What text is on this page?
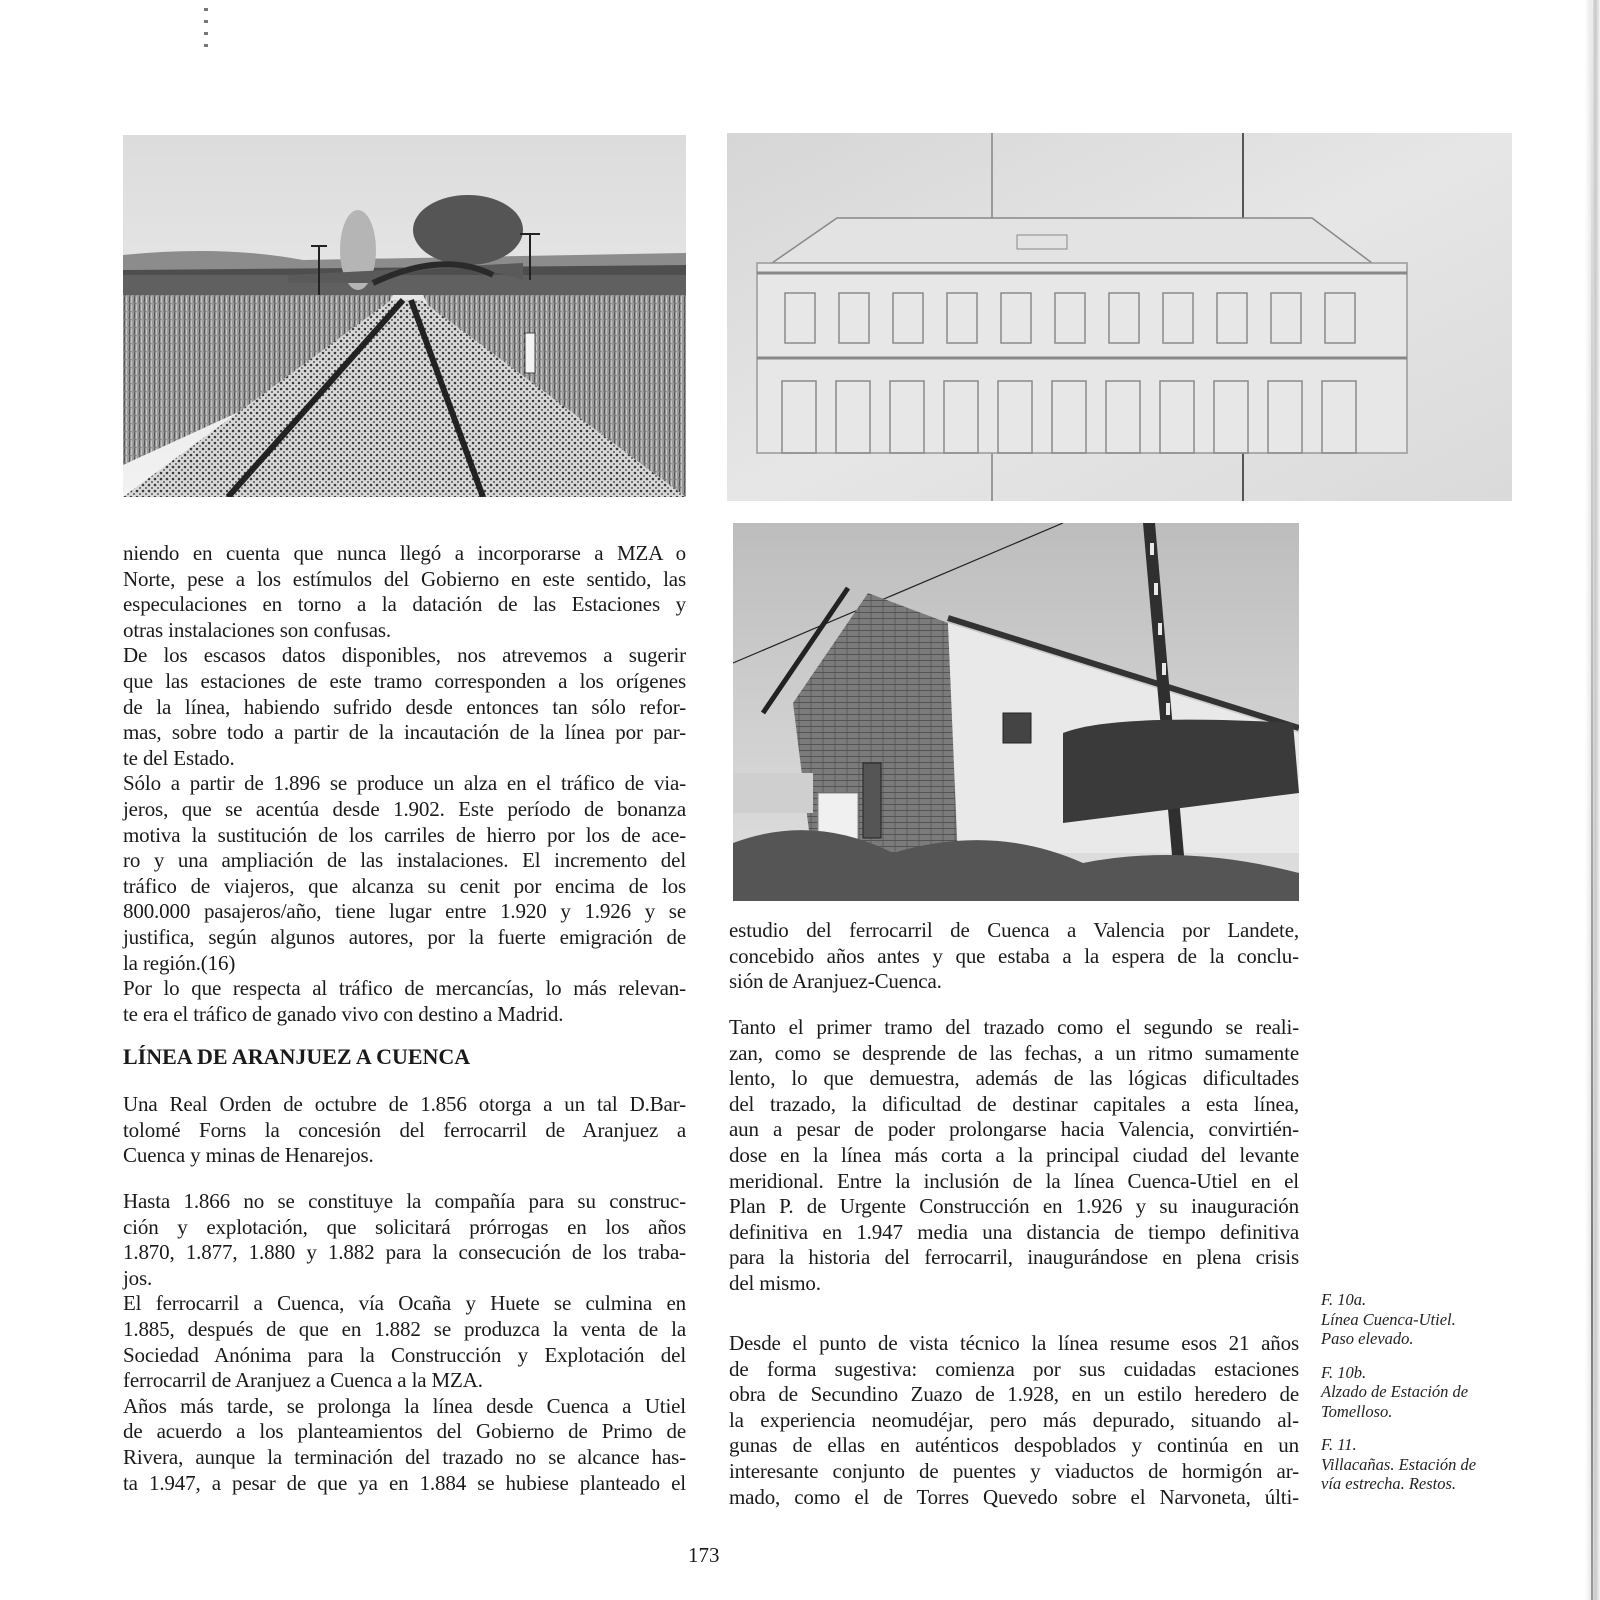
niendo en cuenta que nunca llegó a incorporarse a MZA o
Norte, pese a los estímulos del Gobierno en este sentido, las
especulaciones en torno a la datación de las Estaciones y
otras instalaciones son confusas.

De los escasos datos disponibles, nos atrevemos a sugerir
que las estaciones de este tramo corresponden a los orígenes
de la línea, habiendo sufrido desde entonces tan sólo refor-
mas, sobre todo a partir de la incautación de la línea por par-
te del Estado.

Sólo a partir de 1.896 se produce un alza en el tráfico de via-
jeros, que se acentúa desde 1.902. Este período de bonanza
motiva la sustitución de los carriles de hierro por los de ace-
ro y una ampliación de las instalaciones. El incremento del
tráfico de viajeros, que alcanza su cenit por encima de los
800.000 pasajeros/año, tiene lugar entre 1.920 y 1.926 y se
justifica, según algunos autores, por la fuerte emigración de
la región.(16)

Por lo que respecta al tráfico de mercancías, lo más relevan-
te era el tráfico de ganado vivo con destino a Madrid.

LÍNEA DE ARANJUEZ A CUENCA

Una Real Orden de octubre de 1.856 otorga a un tal D.Bar-
tolomé Forns la concesión del ferrocarril de Aranjuez a
Cuenca y minas de Henarejos.

Hasta 1.866 no se constituye la compañía para su construc-
ción y explotación, que solicitará prórrogas en los años
1.870, 1.877, 1.880 y 1.882 para la consecución de los traba-
jos.

El ferrocarril a Cuenca, vía Ocaña y Huete se culmina en
1.885, después de que en 1.882 se produzca la venta de la
Sociedad Anónima para la Construcción y Explotación del
ferrocarril de Aranjuez a Cuenca a la MZA.

Años más tarde, se prolonga la línea desde Cuenca a Utiel
de acuerdo a los planteamientos del Gobierno de Primo de
Rivera, aunque la terminación del trazado no se alcance has-
ta 1.947, a pesar de que ya en 1.884 se hubiese planteado el

estudio del ferrocarril de Cuenca a Valencia por Landete,
concebido años antes y que estaba a la espera de la conclu-
sión de Aranjuez-Cuenca.

Tanto el primer tramo del trazado como el segundo se reali-
zan, como se desprende de las fechas, a un ritmo sumamente
lento, lo que demuestra, además de las lógicas dificultades
del trazado, la dificultad de destinar capitales a esta línea,
aun a pesar de poder prolongarse hacia Valencia, convirtién-
dose en la línea más corta a la principal ciudad del levante
meridional. Entre la inclusión de la línea Cuenca-Utiel en el
Plan P. de Urgente Construcción en 1.926 y su inauguración
definitiva en 1.947 media una distancia de tiempo definitiva
para la historia del ferrocarril, inaugurándose en plena crisis
del mismo.

Desde el punto de vista técnico la línea resume esos 21 años
de forma sugestiva: comienza por sus cuidadas estaciones
obra de Secundino Zuazo de 1.928, en un estilo heredero de
la experiencia neomudéjar, pero más depurado, situando al-
gunas de ellas en auténticos despoblados y continúa en un
interesante conjunto de puentes y viaductos de hormigón ar-
mado, como el de Torres Quevedo sobre el Narvoneta, últi-

F. 10a.
Línea Cuenca-Utiel.
Paso elevado.
F. 10b.
Alzado de Estación de
Tomelloso.
F. 11.
Villacañas. Estación de
vía estrecha. Restos.
173
